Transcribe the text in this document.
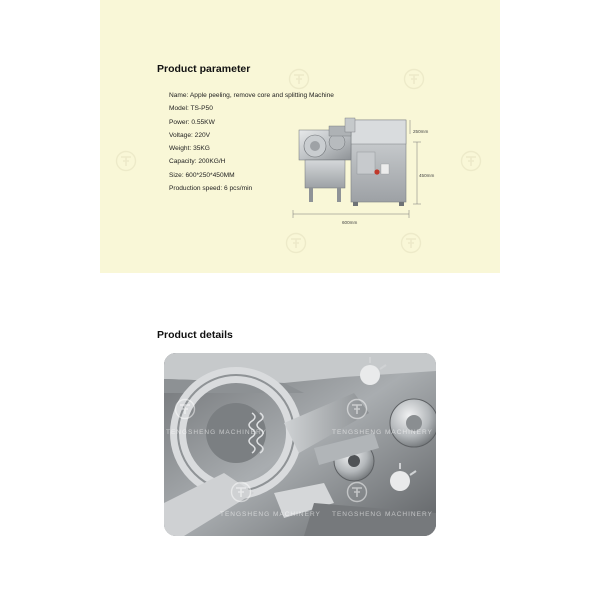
Product parameter
Name: Apple peeling, remove core and splitting Machine
Model: TS-P50
Power: 0.55KW
Voltage: 220V
Weight: 35KG
Capacity: 200KG/H
Size: 600*250*450MM
Production speed: 6 pcs/min
250mm
450mm
600mm
Product details
TENGSHENG MACHINERY	TENGSHENG MACHINERY
TENGSHENG MACHINERY TENGSHENG MACHINERY
